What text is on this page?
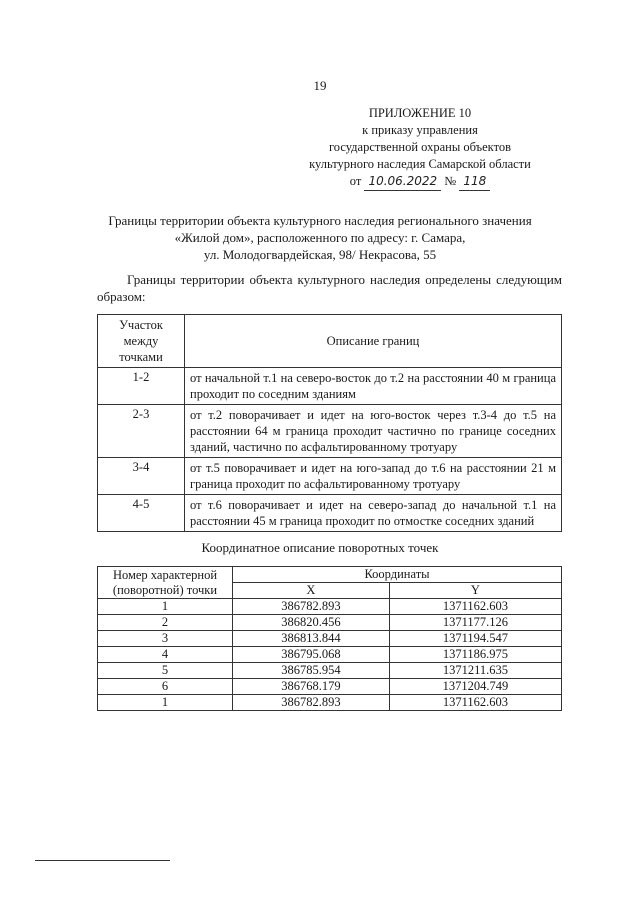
19
ПРИЛОЖЕНИЕ 10
к приказу управления
государственной охраны объектов
культурного наследия Самарской области
от 10.06.2022 № 118
Границы территории объекта культурного наследия регионального значения
«Жилой дом», расположенного по адресу: г. Самара,
ул. Молодогвардейская, 98/ Некрасова, 55
Границы территории объекта культурного наследия определены следующим образом:
Участок между точками	Описание границ
1-2	от начальной т.1 на северо-восток до т.2 на расстоянии 40 м граница проходит по соседним зданиям
2-3	от т.2 поворачивает и идет на юго-восток через т.3-4 до т.5 на расстоянии 64 м граница проходит частично по границе соседних зданий, частично по асфальтированному тротуару
3-4	от т.5 поворачивает и идет на юго-запад до т.6 на расстоянии 21 м граница проходит по асфальтированному тротуару
4-5	от т.6 поворачивает и идет на северо-запад до начальной т.1 на расстоянии 45 м граница проходит по отмостке соседних зданий
Координатное описание поворотных точек
Номер характерной (поворотной) точки	Координаты	
	X	Y
1	386782.893	1371162.603
2	386820.456	1371177.126
3	386813.844	1371194.547
4	386795.068	1371186.975
5	386785.954	1371211.635
6	386768.179	1371204.749
1	386782.893	1371162.603
